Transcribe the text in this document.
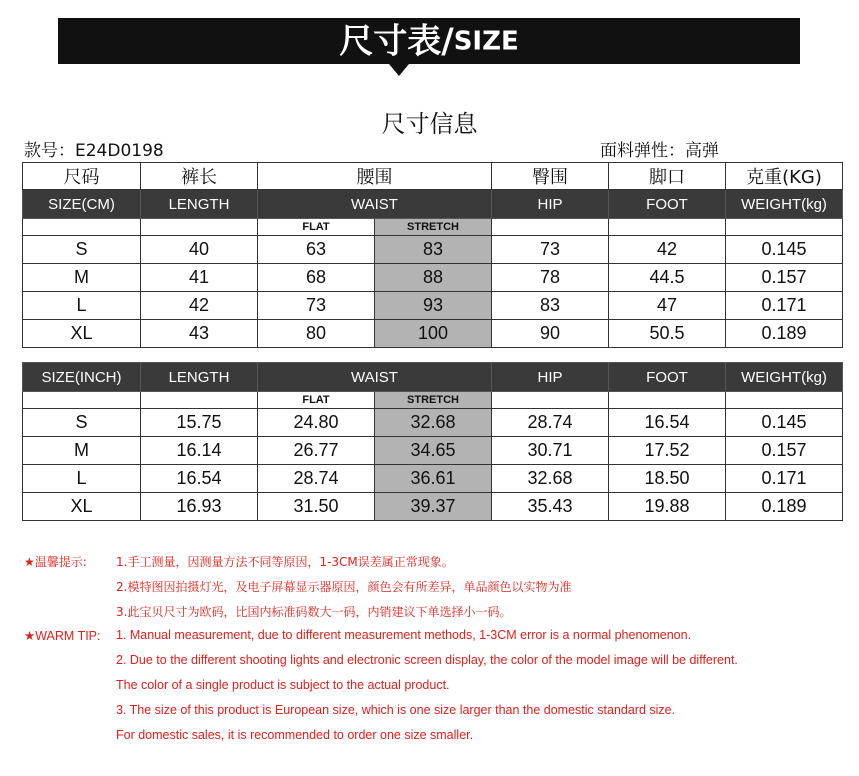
尺寸表/SIZE
尺寸信息
款号：E24D0198	面料弹性：高弹
尺码	裤长	腰围		臀围	脚口	克重(KG)
SIZE(CM)	LENGTH	WAIST		HIP	FOOT	WEIGHT(kg)
		FLAT	STRETCH			
S	40	63	83	73	42	0.145
M	41	68	88	78	44.5	0.157
L	42	73	93	83	47	0.171
XL	43	80	100	90	50.5	0.189
SIZE(INCH)	LENGTH	WAIST		HIP	FOOT	WEIGHT(kg)
		FLAT	STRETCH			
S	15.75	24.80	32.68	28.74	16.54	0.145
M	16.14	26.77	34.65	30.71	17.52	0.157
L	16.54	28.74	36.61	32.68	18.50	0.171
XL	16.93	31.50	39.37	35.43	19.88	0.189
★温馨提示: 1.手工测量，因测量方法不同等原因，1-3CM误差属正常现象。
2.模特图因拍摄灯光，及电子屏幕显示器原因，颜色会有所差异，单品颜色以实物为准
3.此宝贝尺寸为欧码，比国内标准码数大一码，内销建议下单选择小一码。
★WARM TIP: 1. Manual measurement, due to different measurement methods, 1-3CM error is a normal phenomenon.
2. Due to the different shooting lights and electronic screen display, the color of the model image will be different.
The color of a single product is subject to the actual product.
3. The size of this product is European size, which is one size larger than the domestic standard size.
For domestic sales, it is recommended to order one size smaller.
